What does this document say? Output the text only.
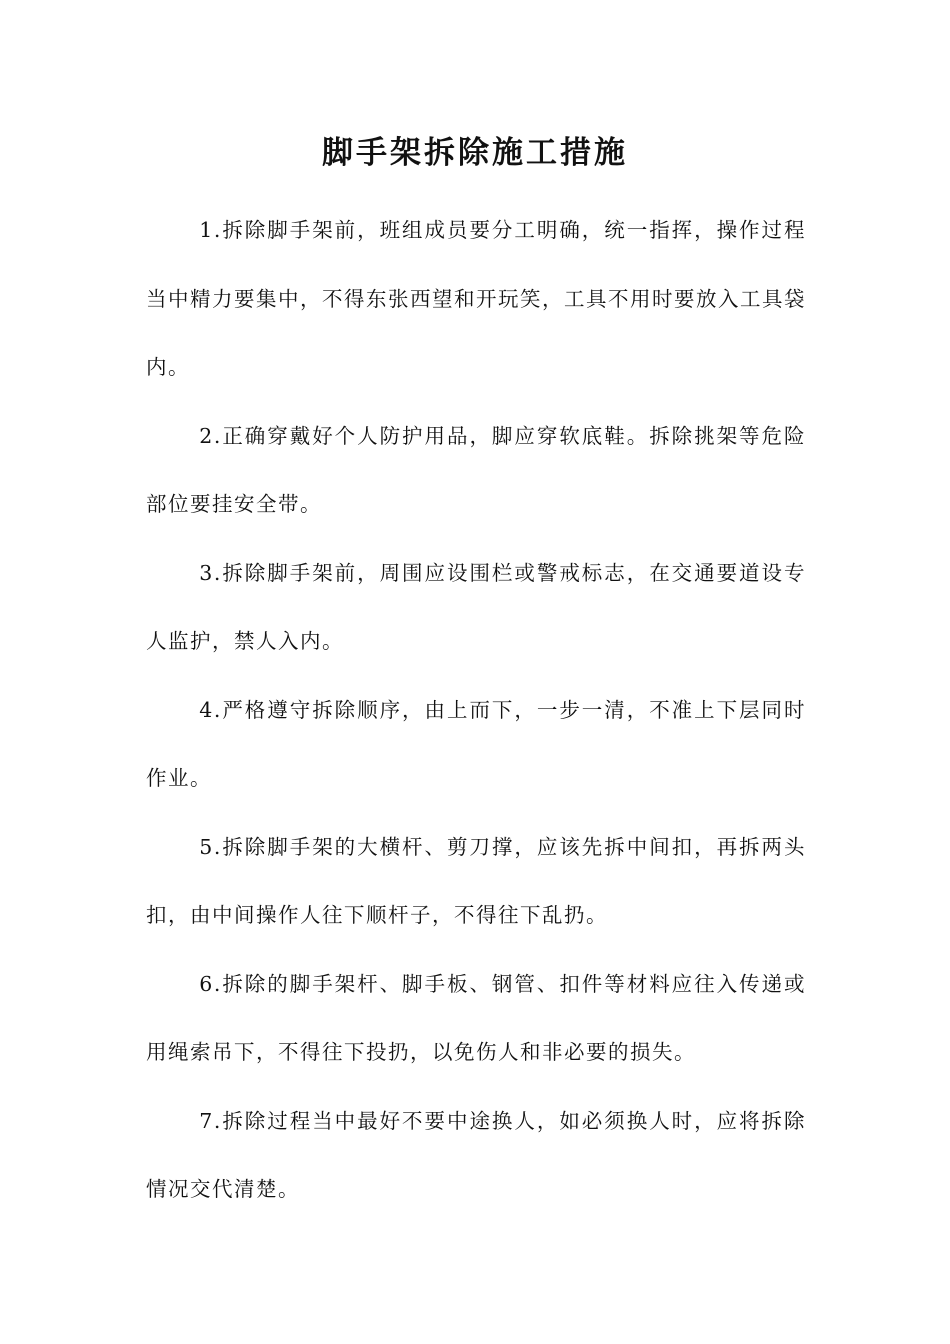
脚手架拆除施工措施

1.拆除脚手架前，班组成员要分工明确，统一指挥，操作过程当中精力要集中，不得东张西望和开玩笑，工具不用时要放入工具袋内。

2.正确穿戴好个人防护用品，脚应穿软底鞋。拆除挑架等危险部位要挂安全带。

3.拆除脚手架前，周围应设围栏或警戒标志，在交通要道设专人监护，禁人入内。

4.严格遵守拆除顺序，由上而下，一步一清，不准上下层同时作业。

5.拆除脚手架的大横杆、剪刀撑，应该先拆中间扣，再拆两头扣，由中间操作人往下顺杆子，不得往下乱扔。

6.拆除的脚手架杆、脚手板、钢管、扣件等材料应往入传递或用绳索吊下，不得往下投扔，以免伤人和非必要的损失。

7.拆除过程当中最好不要中途换人，如必须换人时，应将拆除情况交代清楚。
